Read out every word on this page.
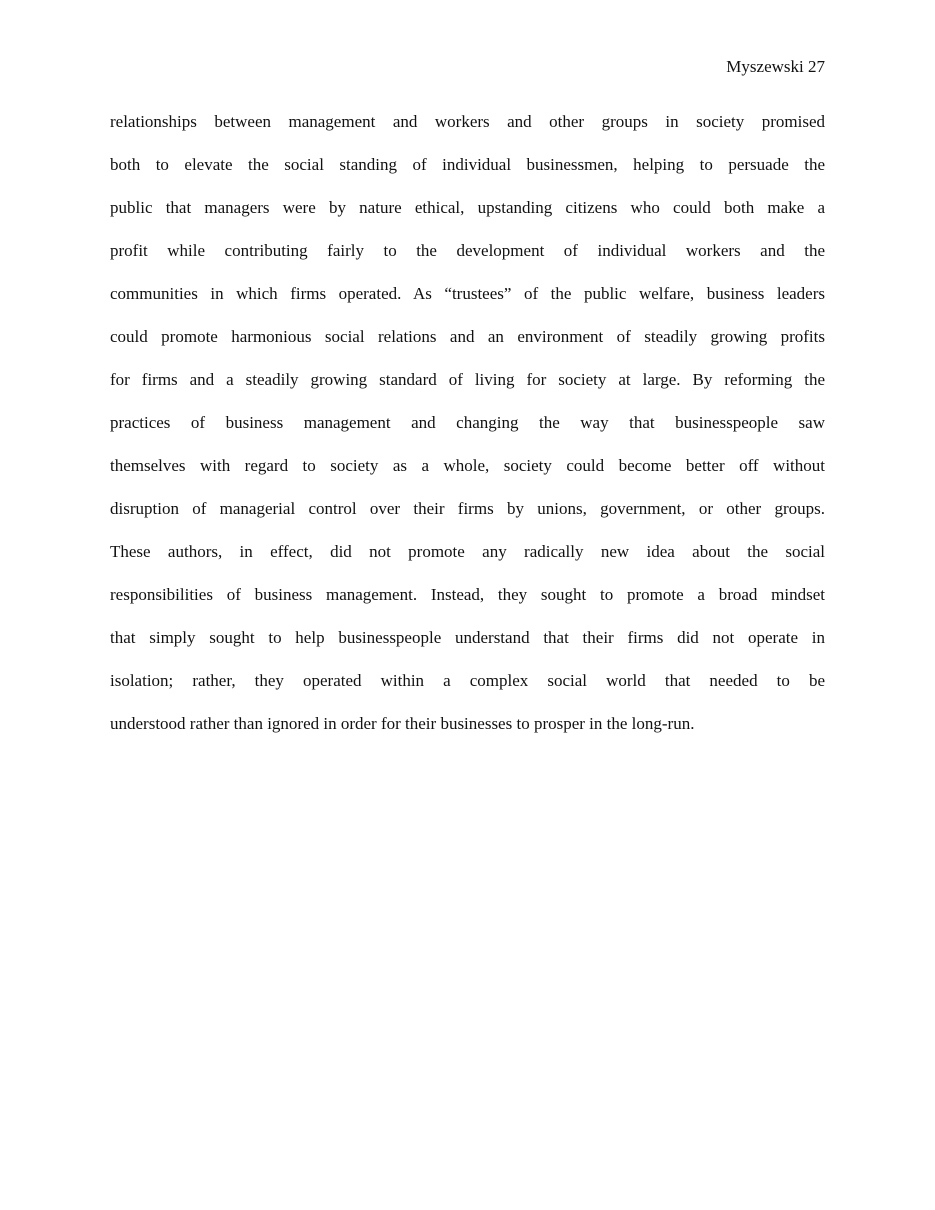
Myszewski 27
relationships between management and workers and other groups in society promised
both to elevate the social standing of individual businessmen, helping to persuade the
public that managers were by nature ethical, upstanding citizens who could both make a
profit while contributing fairly to the development of individual workers and the
communities in which firms operated. As “trustees” of the public welfare, business leaders
could promote harmonious social relations and an environment of steadily growing profits
for firms and a steadily growing standard of living for society at large. By reforming the
practices of business management and changing the way that businesspeople saw
themselves with regard to society as a whole, society could become better off without
disruption of managerial control over their firms by unions, government, or other groups.
These authors, in effect, did not promote any radically new idea about the social
responsibilities of business management. Instead, they sought to promote a broad mindset
that simply sought to help businesspeople understand that their firms did not operate in
isolation; rather, they operated within a complex social world that needed to be
understood rather than ignored in order for their businesses to prosper in the long-run.
